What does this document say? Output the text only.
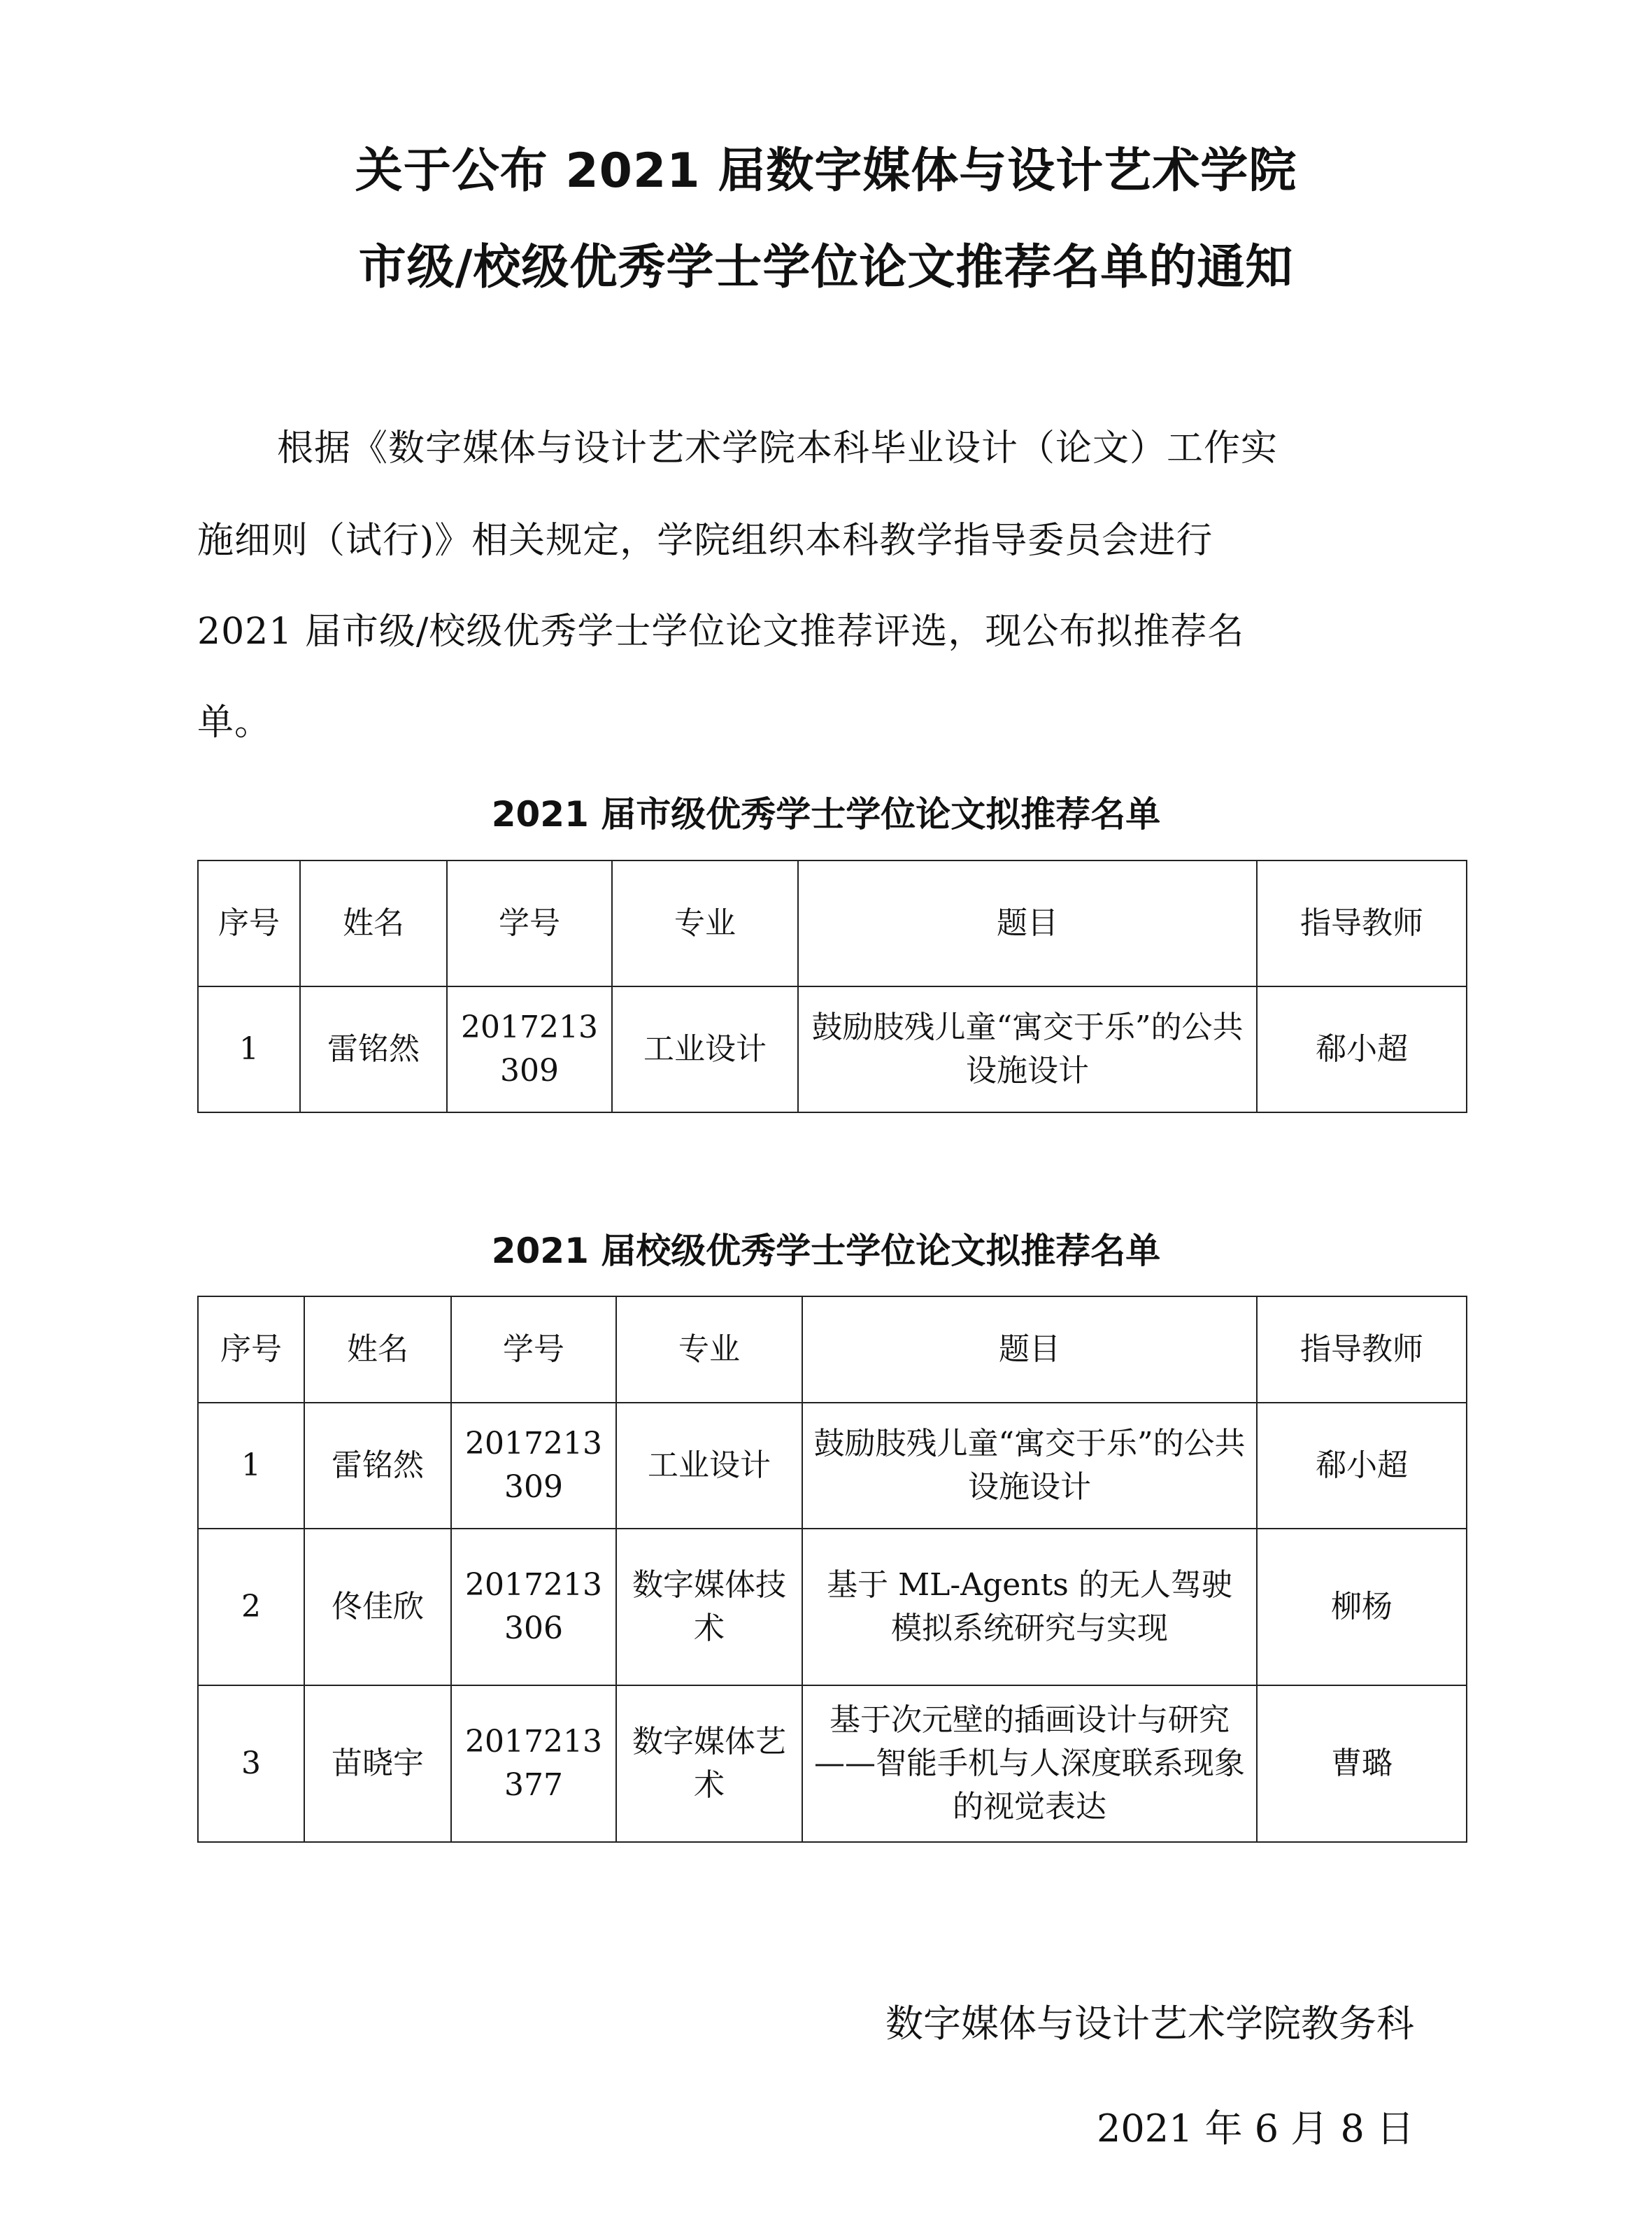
关于公布 2021 届数字媒体与设计艺术学院
市级/校级优秀学士学位论文推荐名单的通知
根据《数字媒体与设计艺术学院本科毕业设计（论文）工作实
施细则（试行)》相关规定，学院组织本科教学指导委员会进行
2021 届市级/校级优秀学士学位论文推荐评选，现公布拟推荐名
单。
2021 届市级优秀学士学位论文拟推荐名单
序号	姓名	学号	专业	题目	指导教师
1	雷铭然	2017213309	工业设计	鼓励肢残儿童“寓交于乐”的公共设施设计	郗小超
2021 届校级优秀学士学位论文拟推荐名单
序号	姓名	学号	专业	题目	指导教师
1	雷铭然	2017213309	工业设计	鼓励肢残儿童“寓交于乐”的公共设施设计	郗小超
2	佟佳欣	2017213306	数字媒体技术	基于 ML-Agents 的无人驾驶模拟系统研究与实现	柳杨
3	苗晓宇	2017213377	数字媒体艺术	基于次元壁的插画设计与研究——智能手机与人深度联系现象的视觉表达	曹璐
数字媒体与设计艺术学院教务科
2021 年 6 月 8 日
